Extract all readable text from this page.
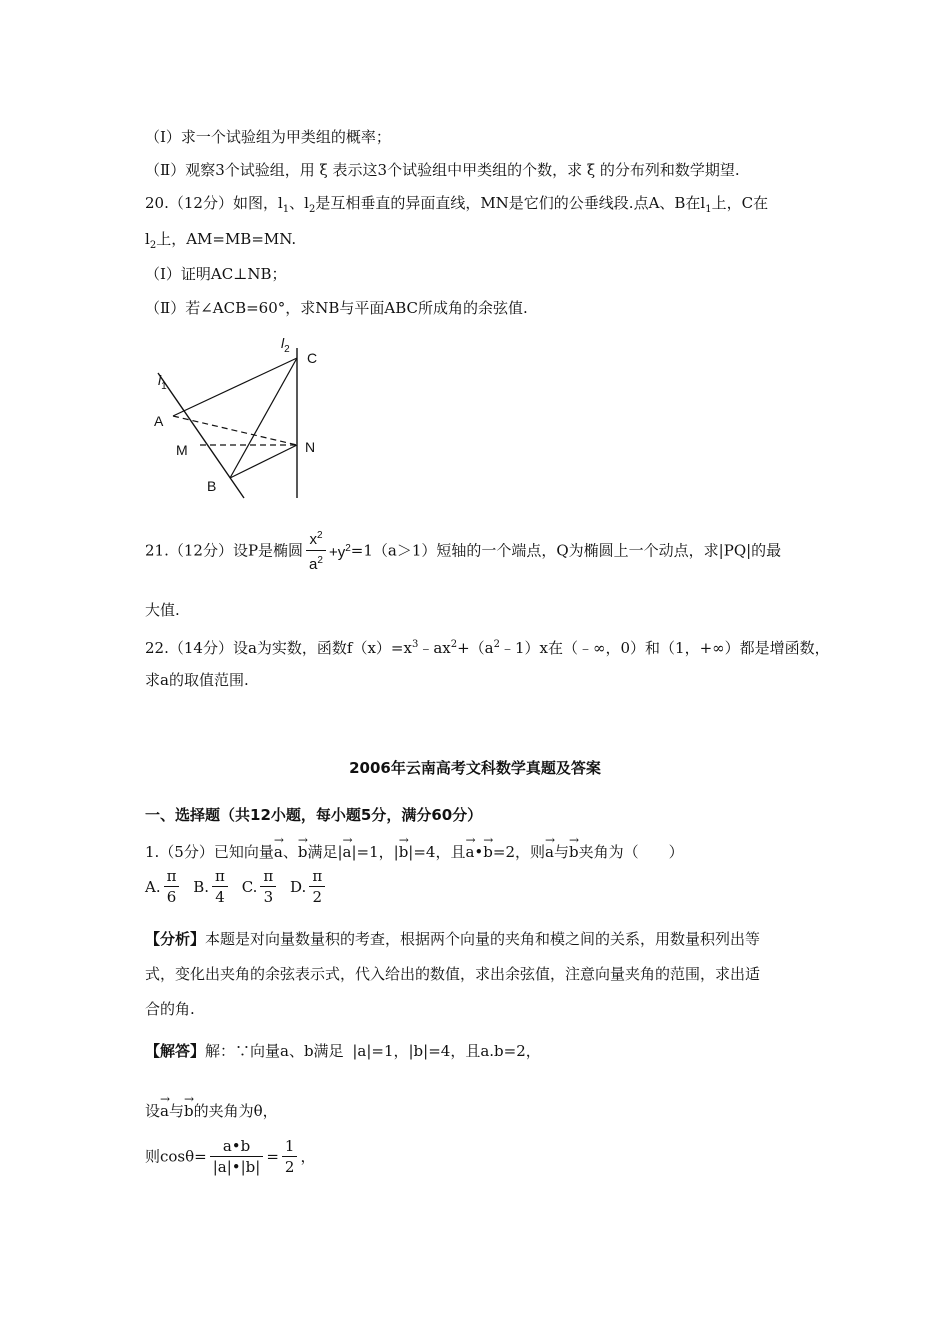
（Ⅰ）求一个试验组为甲类组的概率；
（Ⅱ）观察3个试验组，用 ξ 表示这3个试验组中甲类组的个数，求 ξ 的分布列和数学期望.
20.（12分）如图，$l_1$、$l_2$是互相垂直的异面直线，MN是它们的公垂线段.点A、B在$l_1$上，C在
$l_2$上，AM=MB=MN.
（Ⅰ）证明AC⊥NB；
（Ⅱ）若∠ACB=60°，求NB与平面ABC所成角的余弦值.
$l_1$
$l_2$
C
A
M	N
B
21.（12分）设P是椭圆 $\frac{x^2}{a^2} +y^2=1(a>1)$短轴的一个端点，Q为椭圆上一个动点，求|PQ|的最
大值.
22.（14分）设a为实数，函数$f(x)=x^3﹣ax^2+(a^2﹣1)x$在（﹣∞，0）和（1，+∞）都是增函数，
求a的取值范围.
2006年云南高考文科数学真题及答案
一、选择题（共12小题，每小题5分，满分60分）
1.（5分）已知向量→ a、→ b满足|→ a|=1，|→ b|=4，且→ a•→ b=2，则→ a与→ b夹角为（　　）
A. $\frac{\pi}{6} B$. $\frac{\pi}{4} C$. $\frac{\pi}{3} D$. $\frac{\pi}{2}$
【分析】本题是对向量数量积的考查，根据两个向量的夹角和模之间的关系，用数量积列出等
式，变化出夹角的余弦表示式，代入给出的数值，求出余弦值，注意向量夹角的范围，求出适
合的角.
【解答】解：∵向量a、b满足 |a|=1，|b|=4，且a.b=2，
设→ a与→ b的夹角为θ，
则$\cos\theta= \frac{a•b}{|a|•|b|} = \frac{1}{2}$ ，
